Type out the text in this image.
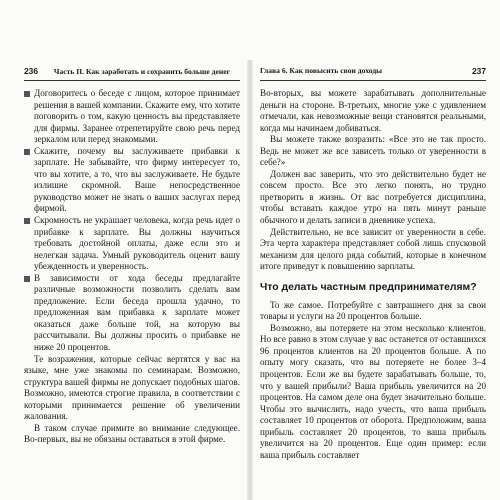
236 Часть II. Как заработать и сохранить больше денег

Договоритесь о беседе с лицом, которое принимает решения в вашей компании. Скажите ему, что хотите поговорить о том, какую ценность вы представляете для фирмы. Заранее отрепетируйте свою речь перед зеркалом или перед знакомыми.

Скажите, почему вы заслуживаете прибавки к зарплате. Не забывайте, что фирму интересует то, что вы хотите, а то, что вы заслуживаете. Не будьте излишне скромной. Ваше непосредственное руководство может не знать о ваших заслугах перед фирмой.

Скромность не украшает человека, когда речь идет о прибавке к зарплате. Вы должны научиться требовать достойной оплаты, даже если это и нелегкая задача. Умный руководитель оценит вашу убежденность и уверенность.

В зависимости от хода беседы предлагайте различные возможности позволить сделать вам предложение. Если беседа прошла удачно, то предложенная вам прибавка к зарплате может оказаться даже больше той, на которую вы рассчитывали. Вы должны просить о прибавке не ниже 20 процентов.

Те возражения, которые сейчас вертятся у вас на языке, мне уже знакомы по семинарам. Возможно, структура вашей фирмы не допускает подобных шагов. Возможно, имеются строгие правила, в соответствии с которыми принимается решение об увеличении жалования.

В таком случае примите во внимание следующее. Во-первых, вы не обязаны оставаться в этой фирме.

Глава 6. Как повысить свои доходы	237

Во-вторых, вы можете зарабатывать дополнительные деньги на стороне. В-третьих, многие уже с удивлением отмечали, как невозможные вещи становятся реальными, когда мы начинаем добиваться.

Вы можете также возразить: «Все это не так просто. Ведь не может же все зависеть только от уверенности в себе?»

Должен вас заверить, что это действительно будет не совсем просто. Все это легко понять, но трудно претворить в жизнь. От вас потребуется дисциплина, чтобы вставать каждое утро на пять минут раньше обычного и делать записи в дневнике успеха.

Действительно, не все зависит от уверенности в себе. Эта черта характера представляет собой лишь спусковой механизм для целого ряда событий, которые в конечном итоге приведут к повышению зарплаты.

Что делать частным предпринимателям?

То же самое. Потребуйте с завтрашнего дня за свои товары и услуги на 20 процентов больше.

Возможно, вы потеряете на этом несколько клиентов. Но все равно в этом случае у вас останется от оставшихся 96 процентов клиентов на 20 процентов больше. А по опыту могу сказать, что вы потеряете не более 3–4 процентов. Если же вы будете зарабатывать больше, то, что у вашей прибыли? Ваша прибыль увеличится на 20 процентов. На самом деле она будет значительно больше. Чтобы это вычислить, надо учесть, что ваша прибыль составляет 10 процентов от оборота. Предположим, ваша прибыль составляет 20 процентов, то ваша прибыль увеличится на 20 процентов. Еще один пример: если ваша прибыль составляет
